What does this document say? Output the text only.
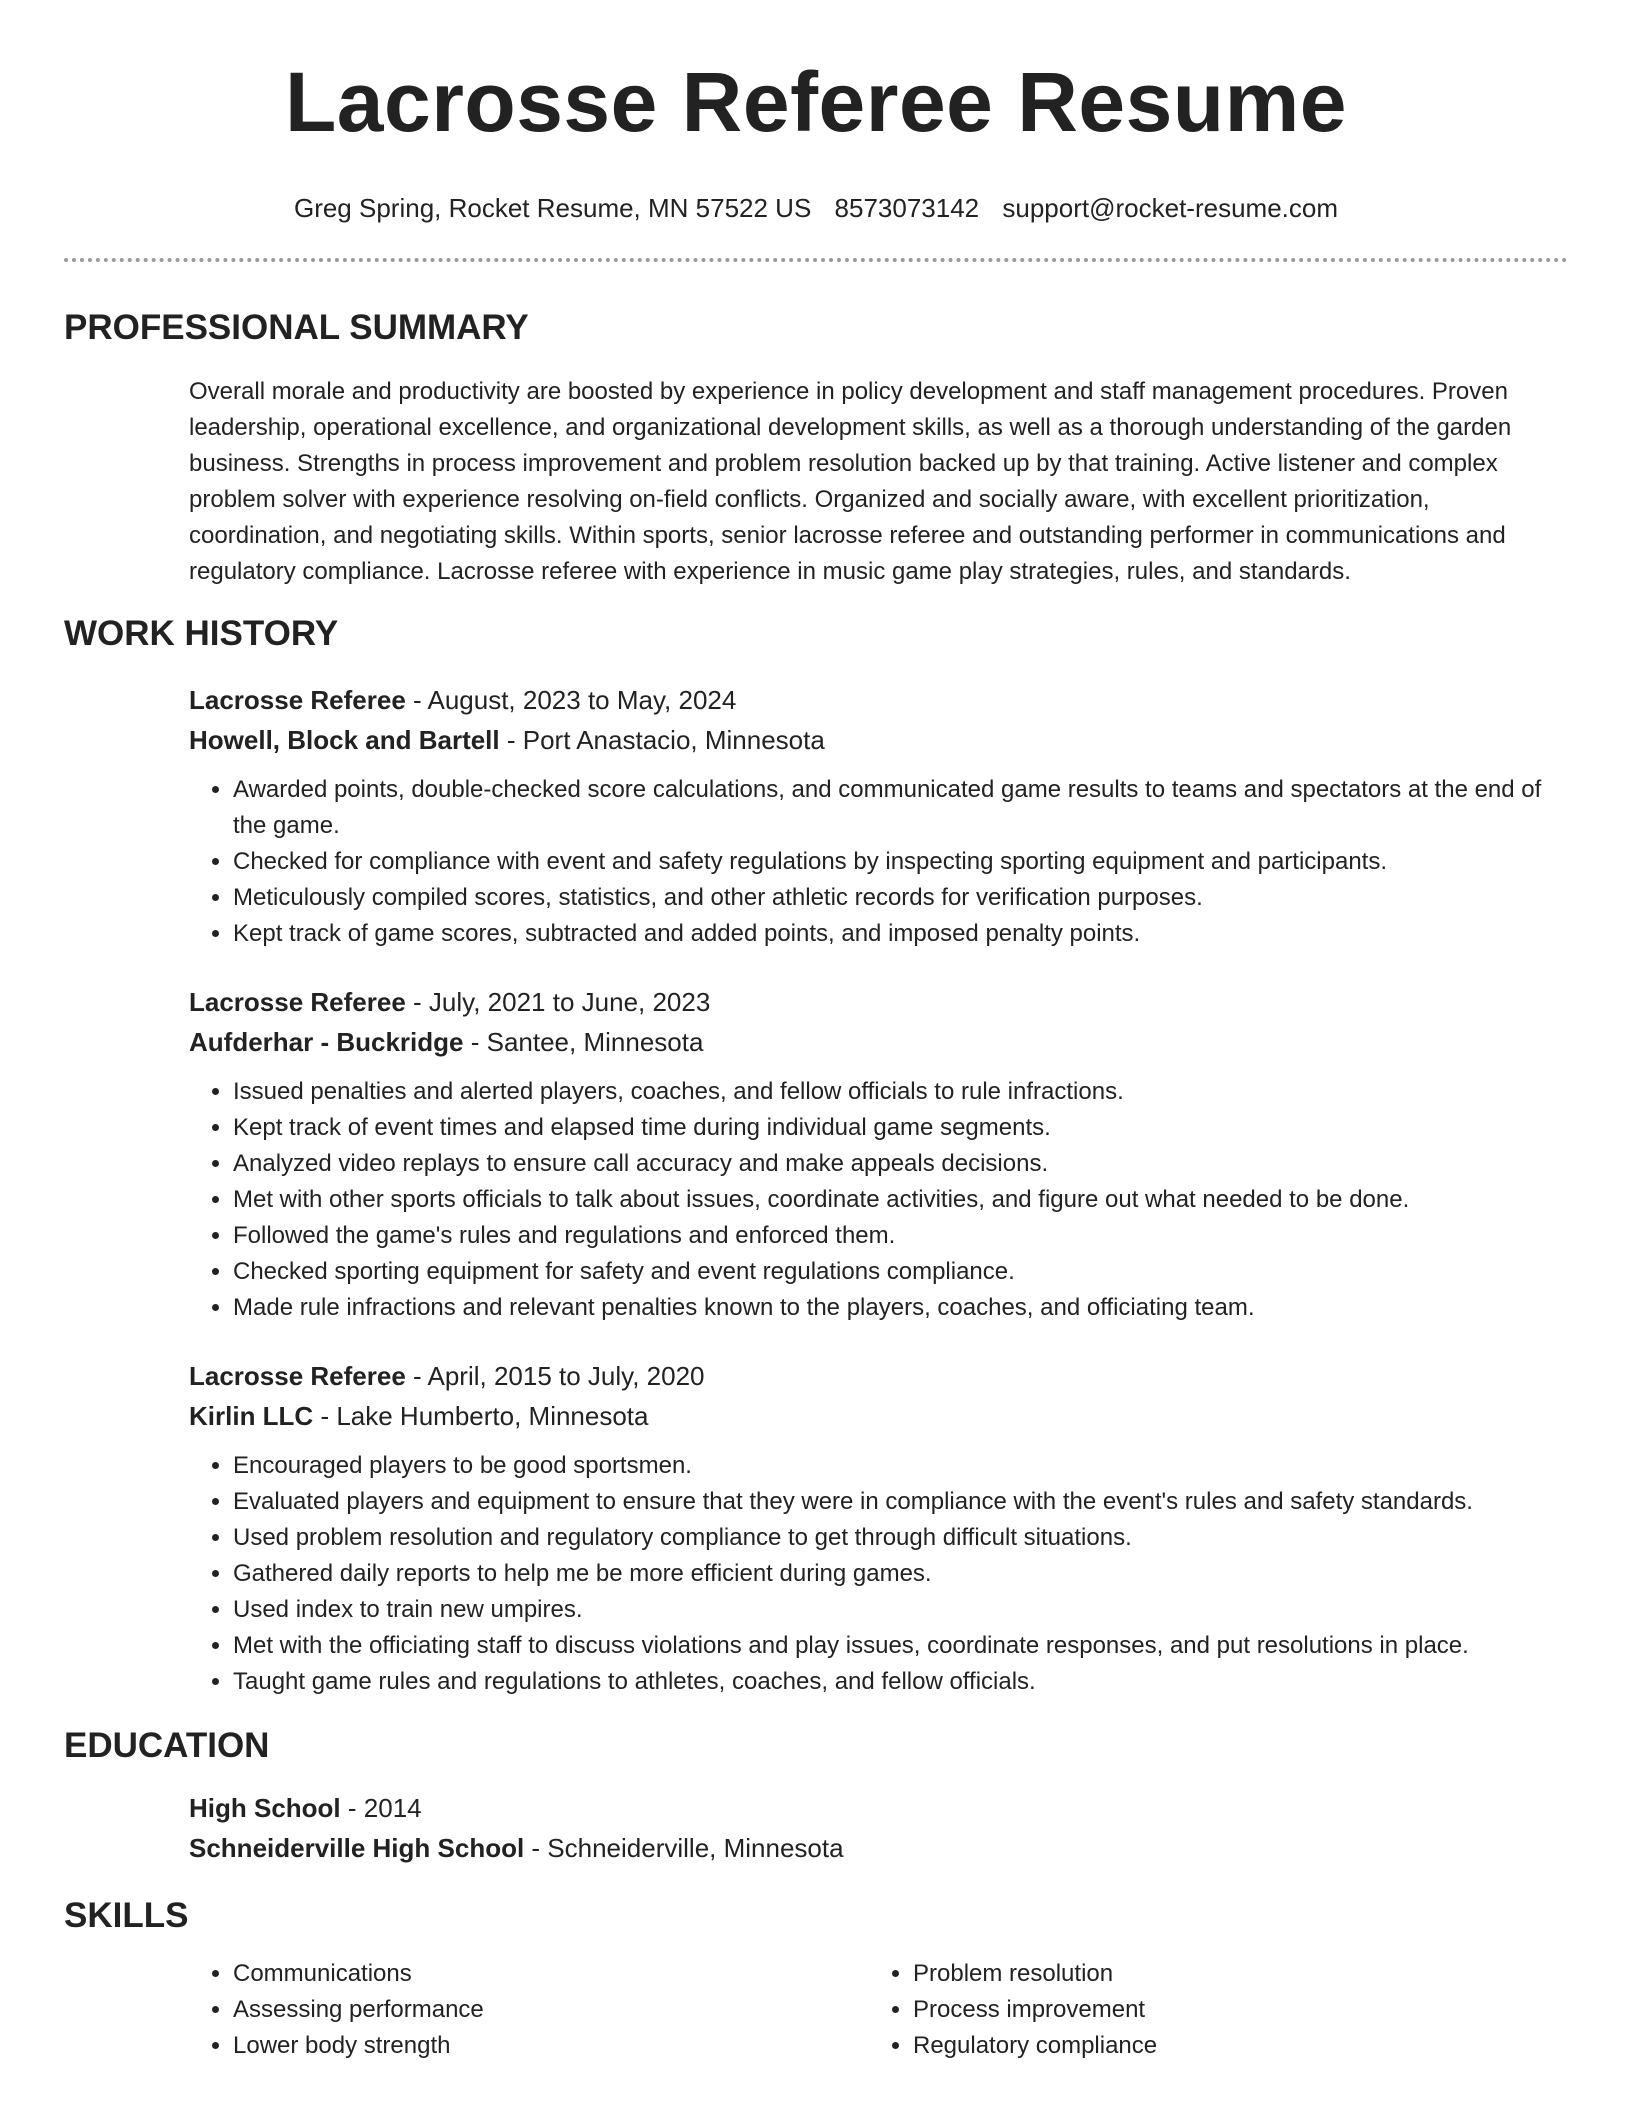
Lacrosse Referee Resume
Greg Spring, Rocket Resume, MN 57522 US 8573073142 support@rocket-resume.com
PROFESSIONAL SUMMARY

Overall morale and productivity are boosted by experience in policy development and staff management procedures. Proven leadership, operational excellence, and organizational development skills, as well as a thorough understanding of the garden business. Strengths in process improvement and problem resolution backed up by that training. Active listener and complex problem solver with experience resolving on-field conflicts. Organized and socially aware, with excellent prioritization, coordination, and negotiating skills. Within sports, senior lacrosse referee and outstanding performer in communications and regulatory compliance. Lacrosse referee with experience in music game play strategies, rules, and standards.

WORK HISTORY
Lacrosse Referee - August, 2023 to May, 2024
Howell, Block and Bartell - Port Anastacio, Minnesota
• Awarded points, double-checked score calculations, and communicated game results to teams and spectators at the end of the game.
• Checked for compliance with event and safety regulations by inspecting sporting equipment and participants.
• Meticulously compiled scores, statistics, and other athletic records for verification purposes.
• Kept track of game scores, subtracted and added points, and imposed penalty points.
Lacrosse Referee - July, 2021 to June, 2023
Aufderhar - Buckridge - Santee, Minnesota
• Issued penalties and alerted players, coaches, and fellow officials to rule infractions.
• Kept track of event times and elapsed time during individual game segments.
• Analyzed video replays to ensure call accuracy and make appeals decisions.
• Met with other sports officials to talk about issues, coordinate activities, and figure out what needed to be done.
• Followed the game's rules and regulations and enforced them.
• Checked sporting equipment for safety and event regulations compliance.
• Made rule infractions and relevant penalties known to the players, coaches, and officiating team.
Lacrosse Referee - April, 2015 to July, 2020
Kirlin LLC - Lake Humberto, Minnesota
• Encouraged players to be good sportsmen.
• Evaluated players and equipment to ensure that they were in compliance with the event's rules and safety standards.
• Used problem resolution and regulatory compliance to get through difficult situations.
• Gathered daily reports to help me be more efficient during games.
• Used index to train new umpires.
• Met with the officiating staff to discuss violations and play issues, coordinate responses, and put resolutions in place.
• Taught game rules and regulations to athletes, coaches, and fellow officials.
EDUCATION
High School - 2014
Schneiderville High School - Schneiderville, Minnesota
SKILLS
• Communications
• Assessing performance
• Lower body strength
• Problem resolution
• Process improvement
• Regulatory compliance
